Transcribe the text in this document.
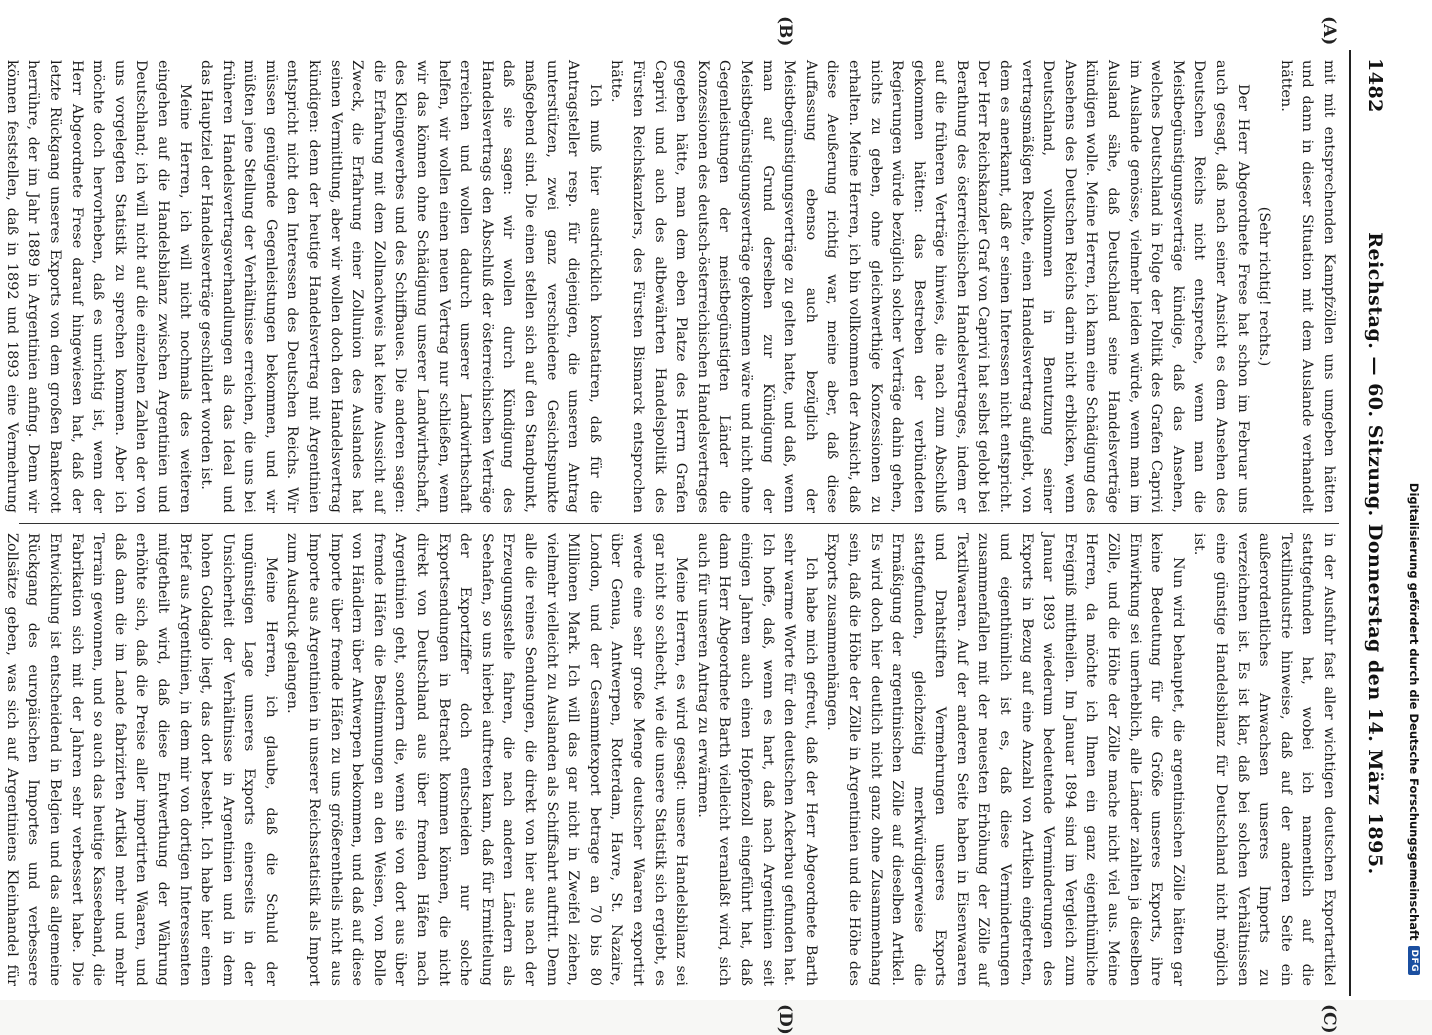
1482
Reichstag. — 60. Sitzung. Donnerstag den 14. März 1895.
(A)
(B)
(C)
(D)

mit mit entsprechenden Kampfzöllen uns umgeben hätten und dann in dieser Situation mit dem Auslande verhandelt hätten.

(Sehr richtig! rechts.)

Der Herr Abgeordnete Frese hat schon im Februar uns auch gesagt, daß nach seiner Ansicht es dem Ansehen des Deutschen Reichs nicht entspreche, wenn man die Meistbegünstigungsverträge kündige, daß das Ansehen, welches Deutschland in Folge der Politik des Grafen Caprivi im Auslande genösse, vielmehr leiden würde, wenn man im Ausland sähe, daß Deutschland seine Handelsverträge kündigen wolle. Meine Herren, ich kann eine Schädigung des Ansehens des Deutschen Reichs darin nicht erblicken, wenn Deutschland, vollkommen in Benutzung seiner vertragsmäßigen Rechte, einen Handelsvertrag aufgiebt, von dem es anerkannt, daß er seinen Interessen nicht entspricht. Der Herr Reichskanzler Graf von Caprivi hat selbst gelobt bei Berathung des österreichischen Handelsvertrages, indem er auf die früheren Verträge hinwies, die nach zum Abschluß gekommen hätten: das Bestreben der verbündeten Regierungen würde bezüglich solcher Verträge dahin gehen, nichts zu geben, ohne gleichwerthige Konzessionen zu erhalten. Meine Herren, ich bin vollkommen der Ansicht, daß diese Aeußerung richtig war, meine aber, daß diese Auffassung ebenso auch bezüglich der Meistbegünstigungsverträge zu gelten hatte, und daß, wenn man auf Grund derselben zur Kündigung der Meistbegünstigungsverträge gekommen wäre und nicht ohne Gegenleistungen der meistbegünstigten Länder die Konzessionen des deutsch-österreichischen Handelsvertrages gegeben hätte, man dem eben Platze des Herrn Grafen Caprivi und auch des altbewährten Handelspolitik des Fürsten Reichskanzlers, des Fürsten Bismarck entsprochen hätte.

Ich muß hier ausdrücklich konstatiren, daß für die Antragsteller resp. für diejenigen, die unseren Antrag unterstützen, zwei ganz verschiedene Gesichtspunkte maßgebend sind. Die einen stellen sich auf den Standpunkt, daß sie sagen: wir wollen durch Kündigung des Handelsvertrags den Abschluß der österreichischen Verträge erreichen und wollen dadurch unserer Landwirthschaft helfen, wir wollen einen neuen Vertrag nur schließen, wenn wir das können ohne Schädigung unserer Landwirthschaft, des Kleingewerbes und des Schiffbaues. Die anderen sagen: die Erfahrung mit dem Zollnachweis hat keine Aussicht auf Zweck, die Erfahrung einer Zollunion des Auslandes hat seinen Vermittlung, aber wir wollen doch den Handelsvertrag kündigen: denn der heutige Handelsvertrag mit Argentinien entspricht nicht den Interessen des Deutschen Reichs. Wir müssen genügende Gegenleistungen bekommen, und wir müßten jene Stellung der Verhältnisse erreichen, die uns bei früheren Handelsvertragsverhandlungen als das Ideal und das Hauptziel der Handelsverträge geschildert worden ist.

Meine Herren, ich will nicht nochmals des weiteren eingehen auf die Handelsbilanz zwischen Argentinien und Deutschland; ich will nicht auf die einzelnen Zahlen der von uns vorgelegten Statistik zu sprechen kommen. Aber ich möchte doch hervorheben, daß es unrichtig ist, wenn der Herr Abgeordnete Frese darauf hingewiesen hat, daß der letzte Rückgang unseres Exports von dem großen Bankerott herrühre, der im Jahr 1889 in Argentinien anfing. Denn wir können feststellen, daß in 1892 und 1893 eine Vermehrung

in der Ausfuhr fast aller wichtigen deutschen Exportartikel stattgefunden hat, wobei ich namentlich auf die Textilindustrie hinweise, daß auf der anderen Seite ein außerordentliches Anwachsen unseres Imports zu verzeichnen ist. Es ist klar, daß bei solchen Verhältnissen eine günstige Handelsbilanz für Deutschland nicht möglich ist.

Nun wird behauptet, die argentinischen Zölle hätten gar keine Bedeutung für die Größe unseres Exports, ihre Einwirkung sei unerheblich, alle Länder zahlten ja dieselben Zölle, und die Höhe der Zölle mache nicht viel aus. Meine Herren, da möchte ich Ihnen ein ganz eigenthümliche Ereigniß mittheilen. Im Januar 1894 sind im Vergleich zum Januar 1893 wiederum bedeutende Verminderungen des Exports in Bezug auf eine Anzahl von Artikeln eingetreten, und eigenthümlich ist es, daß diese Verminderungen zusammenfallen mit der neuesten Erhöhung der Zölle auf Textilwaaren. Auf der anderen Seite haben in Eisenwaaren und Drahtstiften Vermehrungen unseres Exports stattgefunden, gleichzeitig merkwürdigerweise die Ermäßigung der argentinischen Zölle auf dieselben Artikel. Es wird doch hier deutlich nicht ganz ohne Zusammenhang sein, daß die Höhe der Zölle in Argentinien und die Höhe des Exports zusammenhängen.

Ich habe mich gefreut, daß der Herr Abgeordnete Barth sehr warme Worte für den deutschen Ackerbau gefunden hat. Ich hoffe, daß, wenn es hart, daß nach Argentinien seit einigen Jahren auch einen Hopfenzoll eingeführt hat, daß dann Herr Abgeordnete Barth vielleicht veranlaßt wird, sich auch für unseren Antrag zu erwärmen.

Meine Herren, es wird gesagt: unsere Handelsbilanz sei gar nicht so schlecht, wie die unsere Statistik sich ergiebt, es werde eine sehr große Menge deutscher Waaren exportirt über Genua, Antwerpen, Rotterdam, Havre, St. Nazaire, London, und der Gesammtexport betrage an 70 bis 80 Millionen Mark. Ich will das gar nicht in Zweifel ziehen, vielmehr vielleicht zu Auslanden als Schiffsahrt auftritt. Denn alle die reines Sendungen, die direkt von hier aus nach der Erzeugungsstelle fahren, die nach anderen Ländern als Seehafen, so uns hierbei auftreten kann, daß für Ermittelung der Exportziffer doch entscheiden nur solche Exportsendungen in Betracht kommen können, die nicht direkt von Deutschland aus über fremden Häfen nach Argentinien geht, sondern die, wenn sie von dort aus über fremde Häfen die Bestimmungen an den Weisen, von Bolle von Händlern über Antwerpen bekommen, und daß auf diese Importe über fremde Häfen zu uns größerentheils nicht aus Importe aus Argentinien in unserer Reichsstatistik als Import zum Ausdruck gelangen.

Meine Herren, ich glaube, daß die Schuld der ungünstigen Lage unseres Exports einerseits in der Unsicherheit der Verhältnisse in Argentinien und in dem hohen Goldagio liegt, das dort besteht. Ich habe hier einen Brief aus Argentinien, in dem mir von dortigen Interessenten mitgetheilt wird, daß diese Entwerthung der Währung erhöhte sich, daß die Preise aller importirten Waaren, und daß dann die im Lande fabrizirten Artikel mehr und mehr Terrain gewonnen, und so auch das heutige Kasseeband, die Fabrikation sich mit der Jahren sehr verbessert habe. Die Entwicklung ist entscheidend in Belgien und das allgemeine Rückgang des europäischen Importes und verbessere Zollsätze geben, was sich auf Argentiniens Kleinhandel für

Digitalisierung gefördert durch die Deutsche Forschungsgemeinschaft
DFG
